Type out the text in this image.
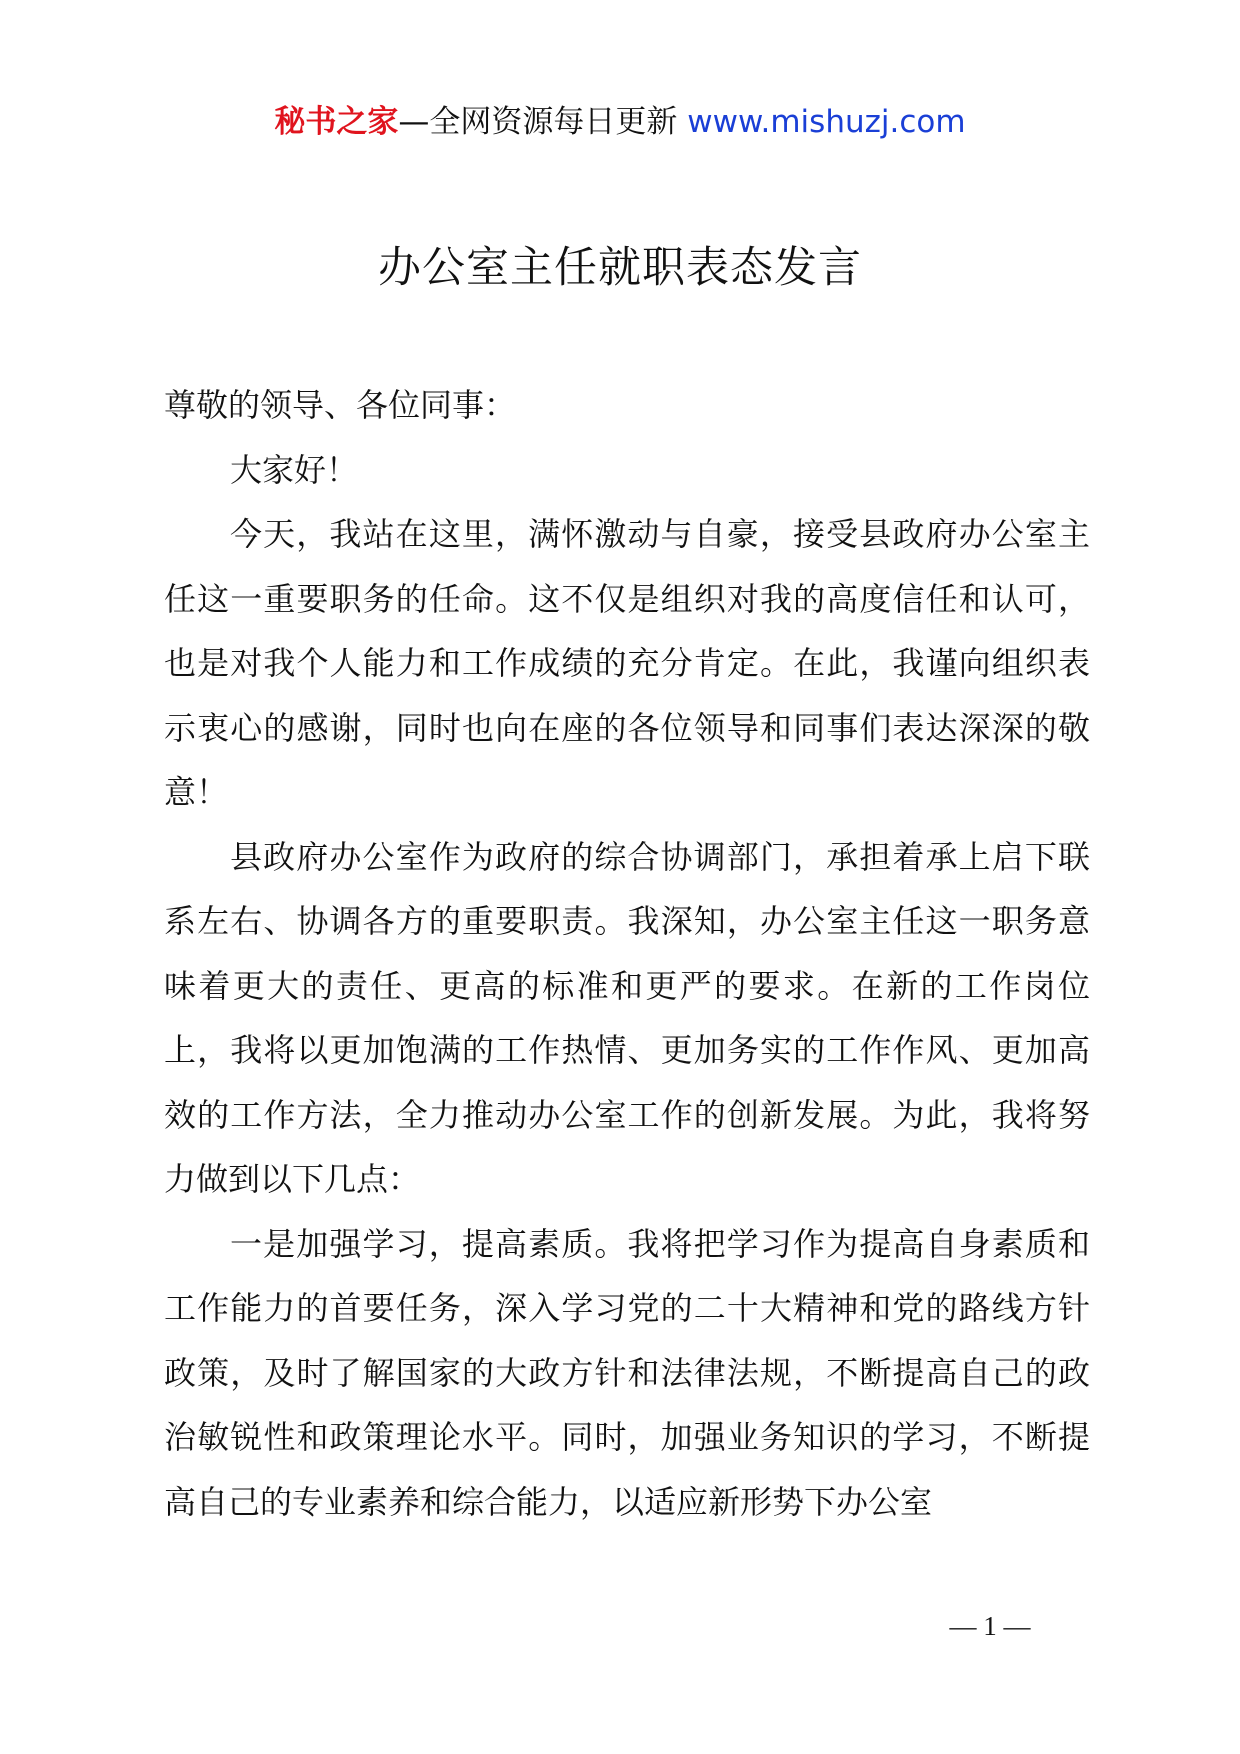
秘书之家—全网资源每日更新 www.mishuzj.com
办公室主任就职表态发言

尊敬的领导、各位同事：

大家好！

今天，我站在这里，满怀激动与自豪，接受县政府办公室主任这一重要职务的任命。这不仅是组织对我的高度信任和认可，也是对我个人能力和工作成绩的充分肯定。在此，我谨向组织表示衷心的感谢，同时也向在座的各位领导和同事们表达深深的敬意！

县政府办公室作为政府的综合协调部门，承担着承上启下联系左右、协调各方的重要职责。我深知，办公室主任这一职务意味着更大的责任、更高的标准和更严的要求。在新的工作岗位上，我将以更加饱满的工作热情、更加务实的工作作风、更加高效的工作方法，全力推动办公室工作的创新发展。为此，我将努力做到以下几点：

一是加强学习，提高素质。我将把学习作为提高自身素质和工作能力的首要任务，深入学习党的二十大精神和党的路线方针政策，及时了解国家的大政方针和法律法规，不断提高自己的政治敏锐性和政策理论水平。同时，加强业务知识的学习，不断提高自己的专业素养和综合能力，以适应新形势下办公室

— 1 —
